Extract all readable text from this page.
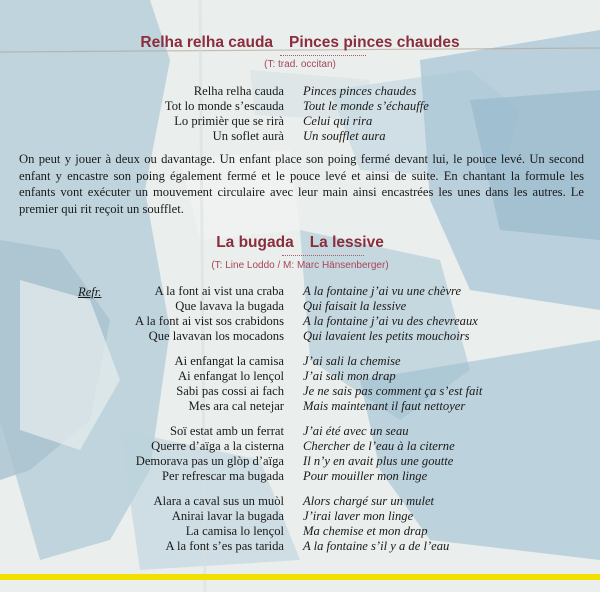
Relha relha cauda Pinces pinces chaudes
(T: trad. occitan)
Relha relha cauda Pinces pinces chaudes
Tot lo monde s’escauda Tout le monde s’échauffe
Lo primièr que se rirà Celui qui rira
Un soflet aurà Un soufflet aura
On peut y jouer à deux ou davantage. Un enfant place son poing fermé devant lui, le pouce levé. Un second enfant y encastre son poing également fermé et le pouce levé et ainsi de suite. En chantant la formule les enfants vont exécuter un mouvement circulaire avec leur main ainsi encastrées les unes dans les autres. Le premier qui rit reçoit un soufflet.
La bugada La lessive
(T: Line Loddo / M: Marc Hänsenberger)
Refr.	A la font ai vist una craba A la fontaine j’ai vu une chèvre
Que lavava la bugada Qui faisait la lessive
A la font ai vist sos crabidons A la fontaine j’ai vu des chevreaux
Que lavavan los mocadons Qui lavaient les petits mouchoirs
Ai enfangat la camisa J’ai sali la chemise
Ai enfangat lo lençol J’ai sali mon drap
Sabi pas cossi ai fach Je ne sais pas comment ça s’est fait
Mes ara cal netejar Mais maintenant il faut nettoyer
Soï estat amb un ferrat J’ai été avec un seau
Querre d’aïga a la cisterna Chercher de l’eau à la citerne
Demorava pas un glòp d’aïga Il n’y en avait plus une goutte
Per refrescar ma bugada Pour mouiller mon linge
Alara a caval sus un muòl Alors chargé sur un mulet
Anirai lavar la bugada J’irai laver mon linge
La camisa lo lençol Ma chemise et mon drap
A la font s’es pas tarida A la fontaine s’il y a de l’eau
